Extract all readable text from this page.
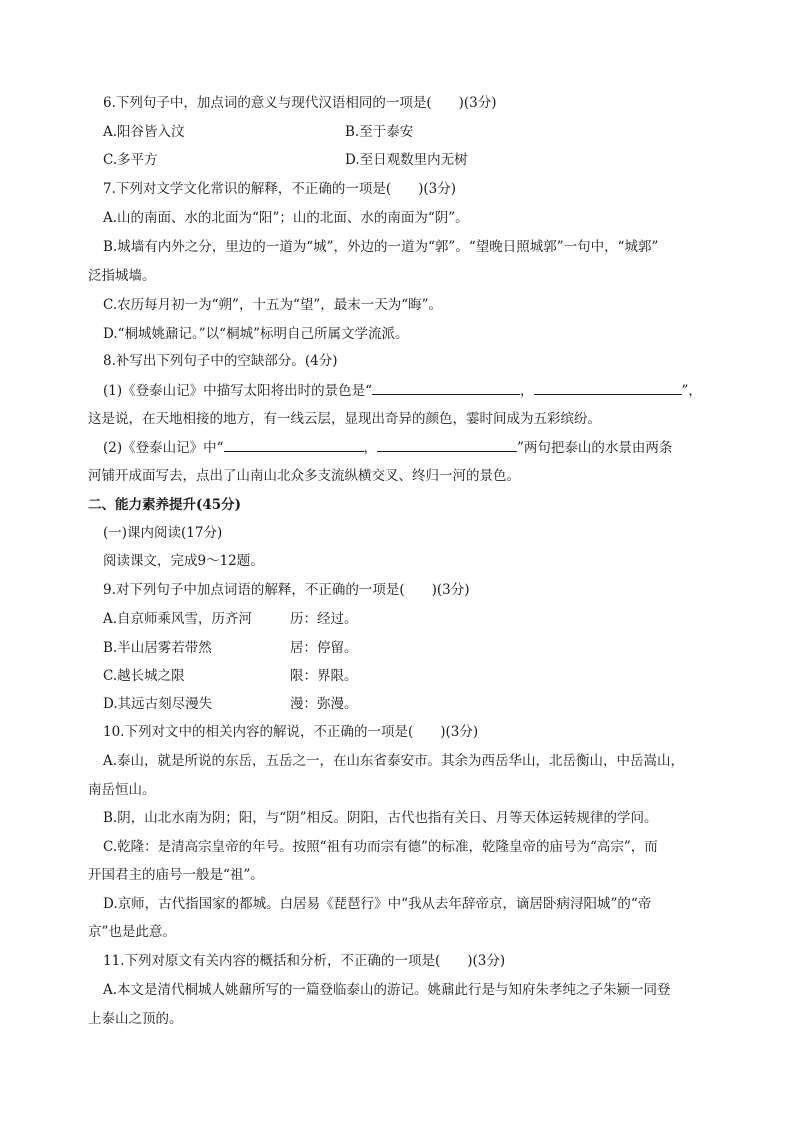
6.下列句子中，加点词的意义与现代汉语相同的一项是(　　)(3分)
A.阳谷皆入汶	B.至于泰安
C.多平方	D.至日观数里内无树
7.下列对文学文化常识的解释，不正确的一项是(　　)(3分)
A.山的南面、水的北面为“阳”；山的北面、水的南面为“阴”。
B.城墙有内外之分，里边的一道为“城”，外边的一道为“郭”。“望晚日照城郭”一句中，“城郭”
泛指城墙。
C.农历每月初一为“朔”，十五为“望”，最末一天为“晦”。
D.“桐城姚鼐记。”以“桐城”标明自己所属文学流派。
8.补写出下列句子中的空缺部分。(4分)
(1)《登泰山记》中描写太阳将出时的景色是“	，	”，
这是说，在天地相接的地方，有一线云层，显现出奇异的颜色，霎时间成为五彩缤纷。
(2)《登泰山记》中“	，	”两句把泰山的水景由两条
河铺开成面写去，点出了山南山北众多支流纵横交叉、终归一河的景色。
二、能力素养提升(45分)
(一)课内阅读(17分)
阅读课文，完成9～12题。
9.对下列句子中加点词语的解释，不正确的一项是(　　)(3分)
A.自京师乘风雪，历齐河	历：经过。
B.半山居雾若带然	居：停留。
C.越长城之限	限：界限。
D.其远古刻尽漫失	漫：弥漫。
10.下列对文中的相关内容的解说，不正确的一项是(　　)(3分)
A.泰山，就是所说的东岳，五岳之一，在山东省泰安市。其余为西岳华山，北岳衡山，中岳嵩山，
南岳恒山。
B.阴，山北水南为阴；阳，与“阴”相反。阴阳，古代也指有关日、月等天体运转规律的学问。
C.乾隆：是清高宗皇帝的年号。按照“祖有功而宗有德”的标准，乾隆皇帝的庙号为“高宗”，而
开国君主的庙号一般是“祖”。
D.京师，古代指国家的都城。白居易《琵琶行》中“我从去年辞帝京，谪居卧病浔阳城”的“帝
京”也是此意。
11.下列对原文有关内容的概括和分析，不正确的一项是(　　)(3分)
A.本文是清代桐城人姚鼐所写的一篇登临泰山的游记。姚鼐此行是与知府朱孝纯之子朱颍一同登
上泰山之顶的。
